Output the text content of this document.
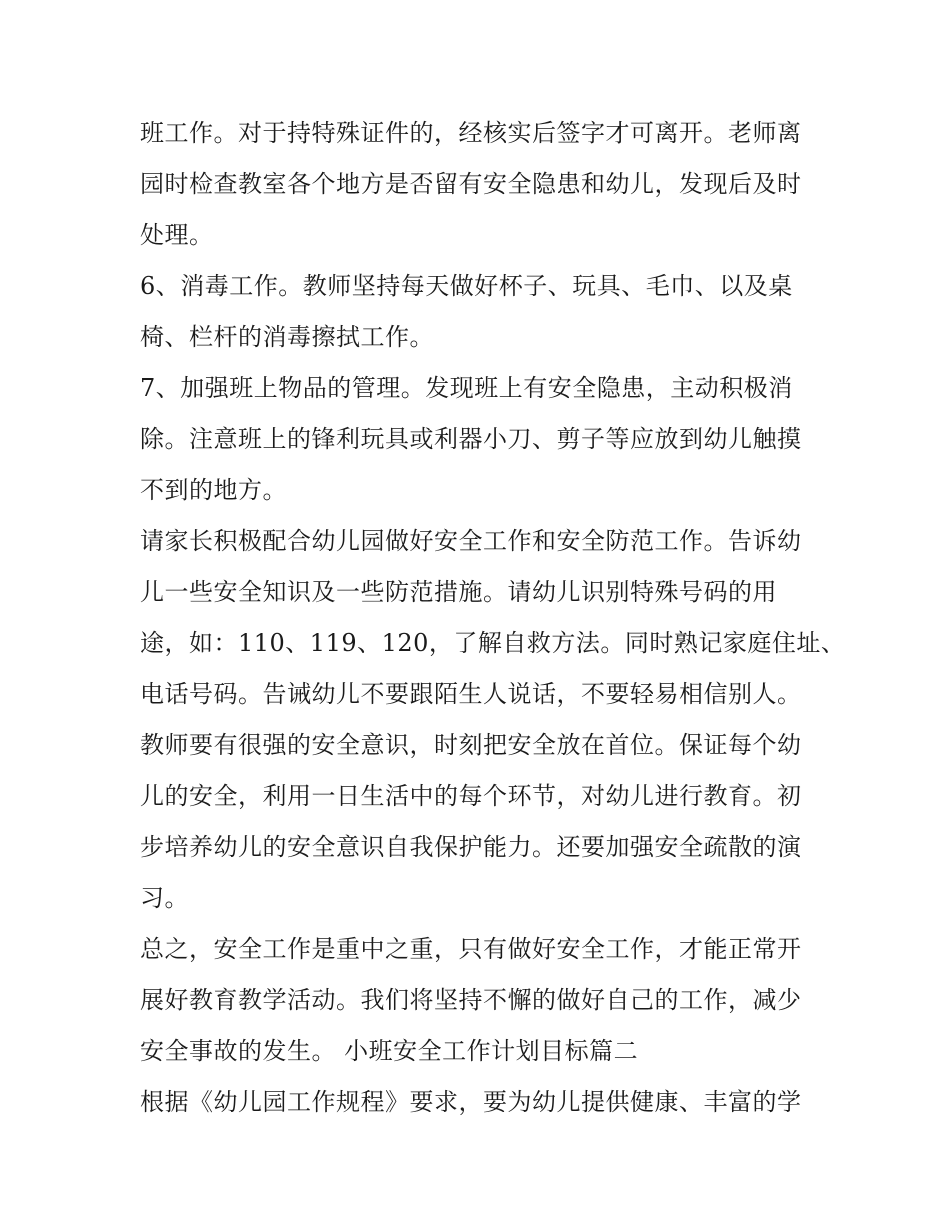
班工作。对于持特殊证件的，经核实后签字才可离开。老师离
园时检查教室各个地方是否留有安全隐患和幼儿，发现后及时
处理。
6、消毒工作。教师坚持每天做好杯子、玩具、毛巾、以及桌
椅、栏杆的消毒擦拭工作。
7、加强班上物品的管理。发现班上有安全隐患，主动积极消
除。注意班上的锋利玩具或利器小刀、剪子等应放到幼儿触摸
不到的地方。
请家长积极配合幼儿园做好安全工作和安全防范工作。告诉幼
儿一些安全知识及一些防范措施。请幼儿识别特殊号码的用
途，如：110、119、120，了解自救方法。同时熟记家庭住址、
电话号码。告诫幼儿不要跟陌生人说话，不要轻易相信别人。
教师要有很强的安全意识，时刻把安全放在首位。保证每个幼
儿的安全，利用一日生活中的每个环节，对幼儿进行教育。初
步培养幼儿的安全意识自我保护能力。还要加强安全疏散的演
习。
总之，安全工作是重中之重，只有做好安全工作，才能正常开
展好教育教学活动。我们将坚持不懈的做好自己的工作，减少
安全事故的发生。 小班安全工作计划目标篇二
根据《幼儿园工作规程》要求，要为幼儿提供健康、丰富的学
